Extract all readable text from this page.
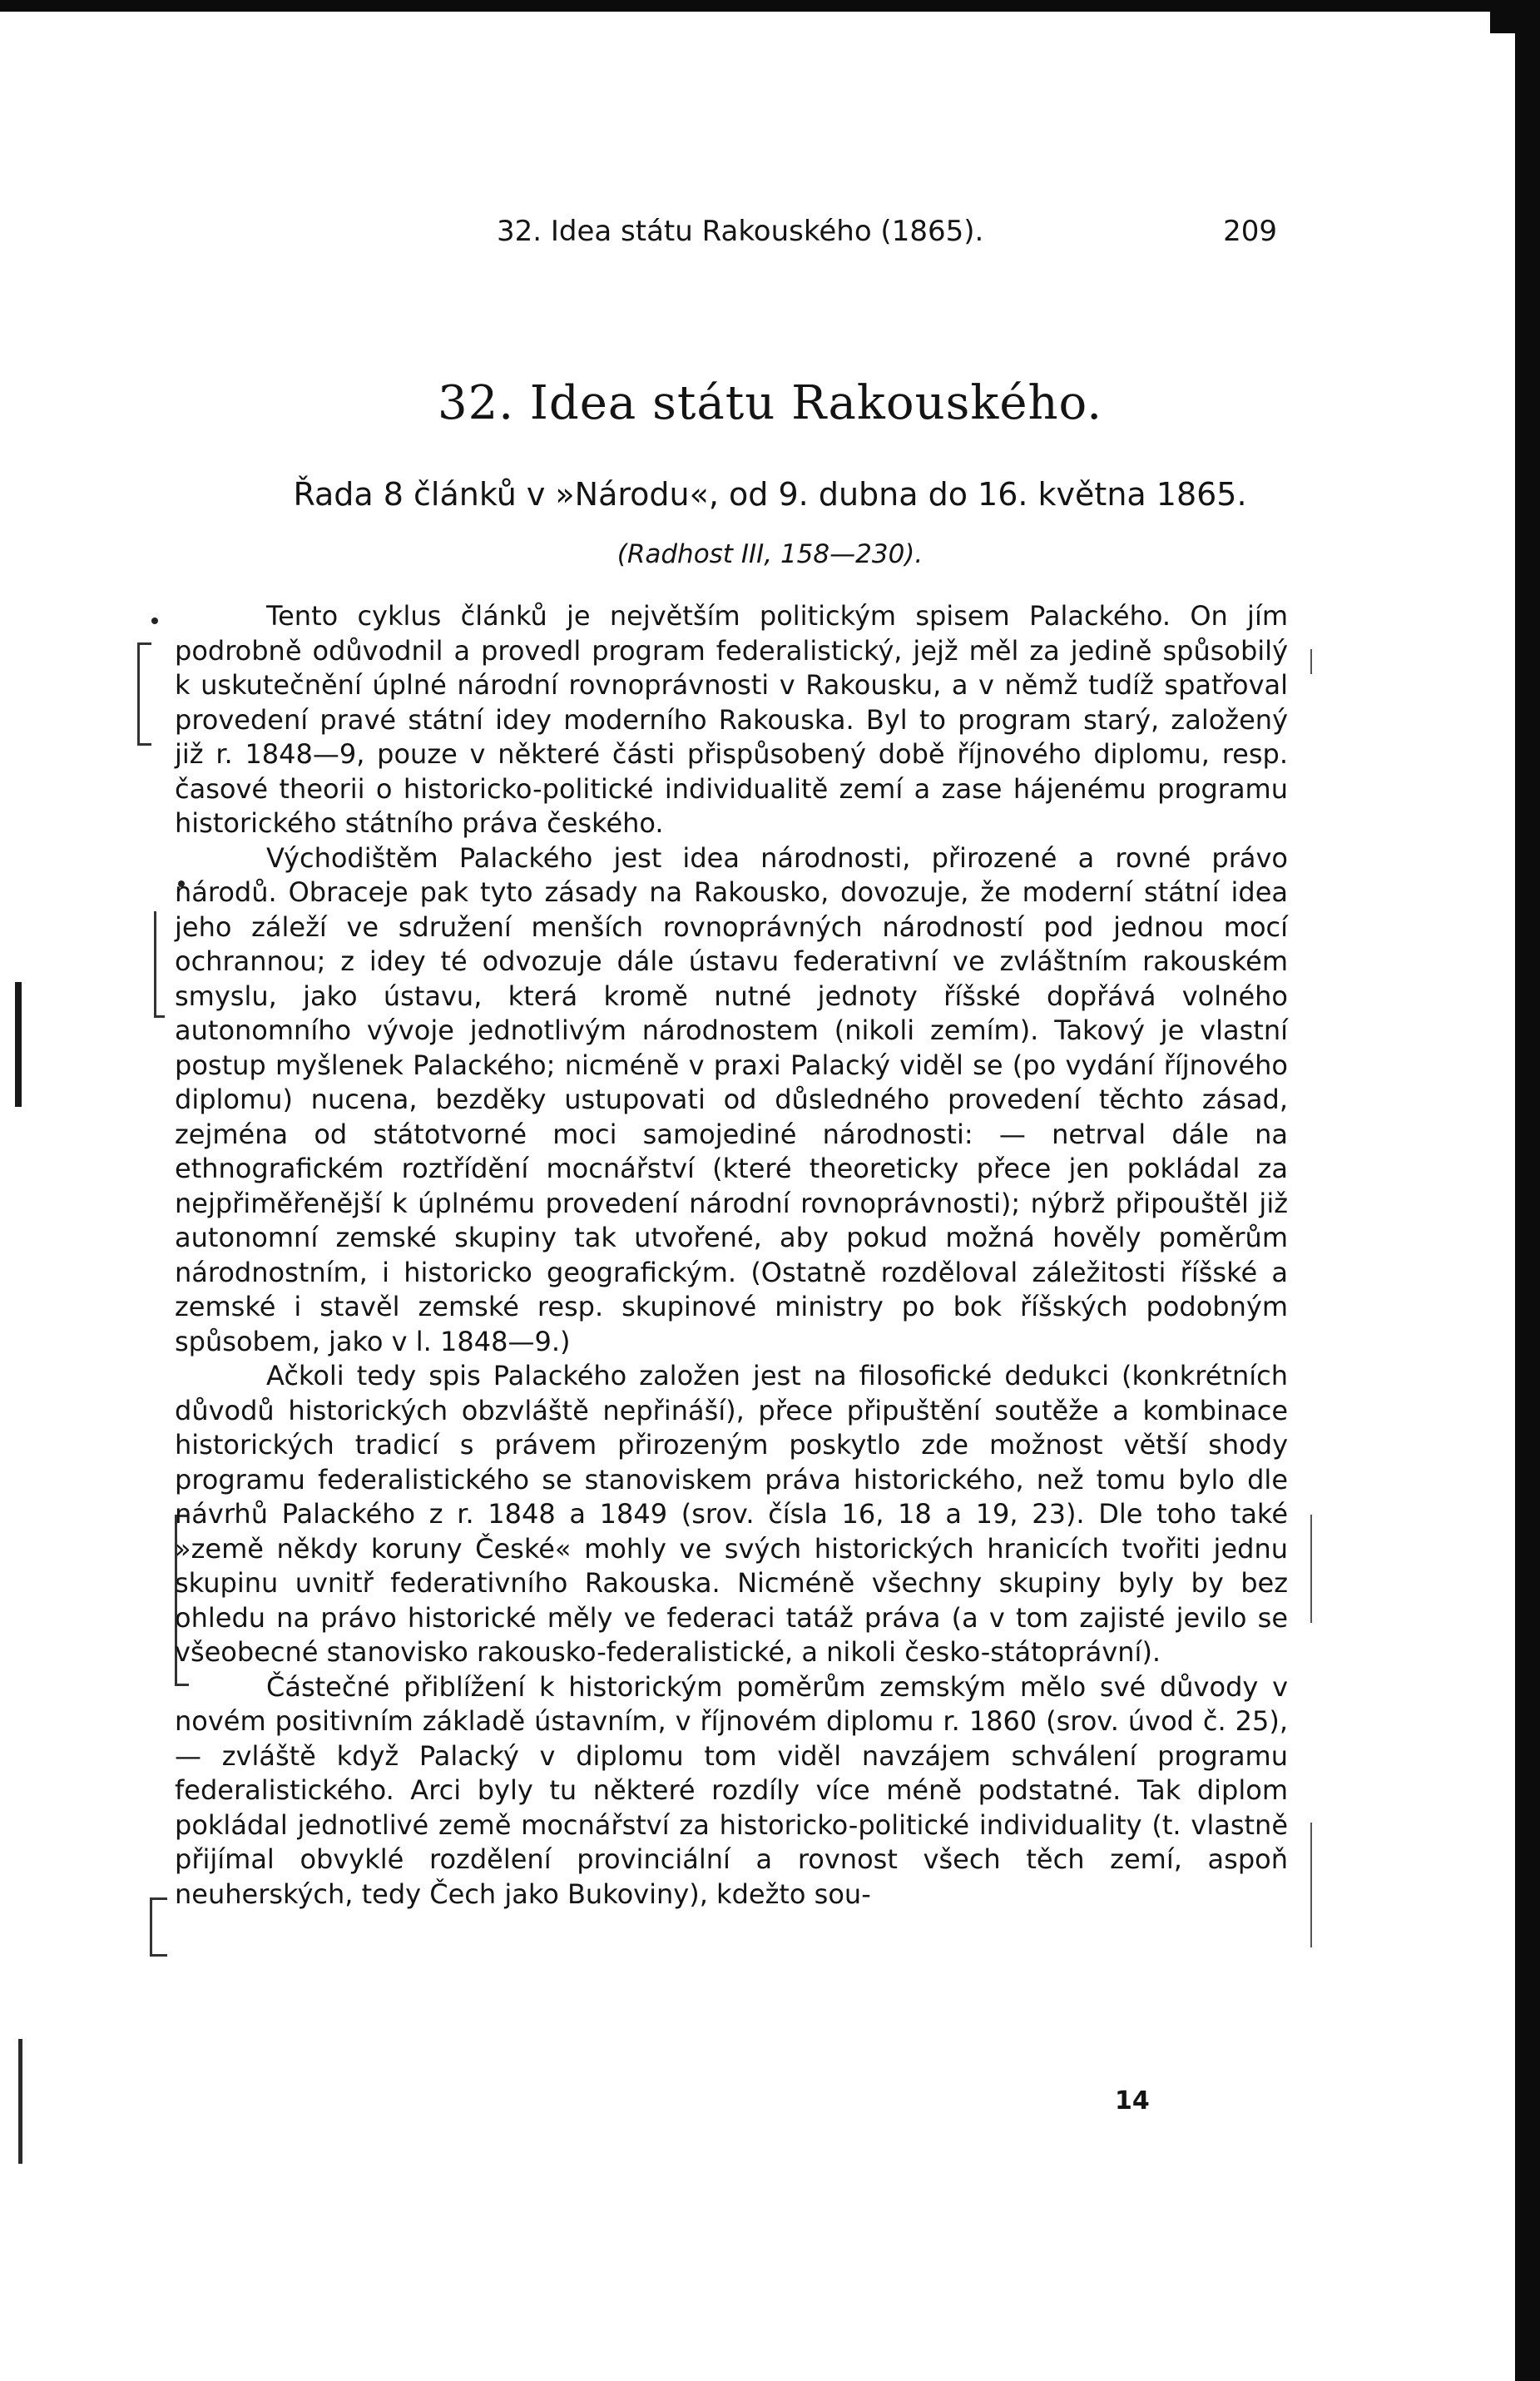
32. Idea státu Rakouského (1865).	209
32. Idea státu Rakouského.
Řada 8 článků v »Národu«, od 9. dubna do 16. května 1865.
(Radhost III, 158—230).

Tento cyklus článků je největším politickým spisem Palackého. On jím podrobně odůvodnil a provedl program federalistický, jejž měl za jedině spůsobilý k uskutečnění úplné národní rovnoprávnosti v Rakousku, a v němž tudíž spatřoval provedení pravé státní idey moderního Rakouska. Byl to program starý, založený již r. 1848—9, pouze v některé části přispůsobený době říjnového diplomu, resp. časové theorii o historicko-politické individualitě zemí a zase hájenému programu historického státního práva českého.

Východištěm Palackého jest idea národnosti, přirozené a rovné právo národů. Obraceje pak tyto zásady na Rakousko, dovozuje, že moderní státní idea jeho záleží ve sdružení menších rovnoprávných národností pod jednou mocí ochrannou; z idey té odvozuje dále ústavu federativní ve zvláštním rakouském smyslu, jako ústavu, která kromě nutné jednoty říšské dopřává volného autonomního vývoje jednotlivým národnostem (nikoli zemím). Takový je vlastní postup myšlenek Palackého; nicméně v praxi Palacký viděl se (po vydání říjnového diplomu) nucena, bezděky ustupovati od důsledného provedení těchto zásad, zejména od státotvorné moci samojediné národnosti: — netrval dále na ethnografickém roztřídění mocnářství (které theoreticky přece jen pokládal za nejpřiměřenější k úplnému provedení národní rovnoprávnosti); nýbrž připouštěl již autonomní zemské skupiny tak utvořené, aby pokud možná hověly poměrům národnostním, i historicko geografickým. (Ostatně rozděloval záležitosti říšské a zemské i stavěl zemské resp. skupinové ministry po bok říšských podobným spůsobem, jako v l. 1848—9.)

Ačkoli tedy spis Palackého založen jest na filosofické dedukci (konkrétních důvodů historických obzvláště nepřináší), přece připuštění soutěže a kombinace historických tradicí s právem přirozeným poskytlo zde možnost větší shody programu federalistického se stanoviskem práva historického, než tomu bylo dle návrhů Palackého z r. 1848 a 1849 (srov. čísla 16, 18 a 19, 23). Dle toho také »země někdy koruny České« mohly ve svých historických hranicích tvořiti jednu skupinu uvnitř federativního Rakouska. Nicméně všechny skupiny byly by bez ohledu na právo historické měly ve federaci tatáž práva (a v tom zajisté jevilo se všeobecné stanovisko rakousko-federalistické, a nikoli česko-státoprávní).

Částečné přiblížení k historickým poměrům zemským mělo své důvody v novém positivním základě ústavním, v říjnovém diplomu r. 1860 (srov. úvod č. 25), — zvláště když Palacký v diplomu tom viděl navzájem schválení programu federalistického. Arci byly tu některé rozdíly více méně podstatné. Tak diplom pokládal jednotlivé země mocnářství za historicko-politické individuality (t. vlastně přijímal obvyklé rozdělení provinciální a rovnost všech těch zemí, aspoň neuherských, tedy Čech jako Bukoviny), kdežto sou-

14
